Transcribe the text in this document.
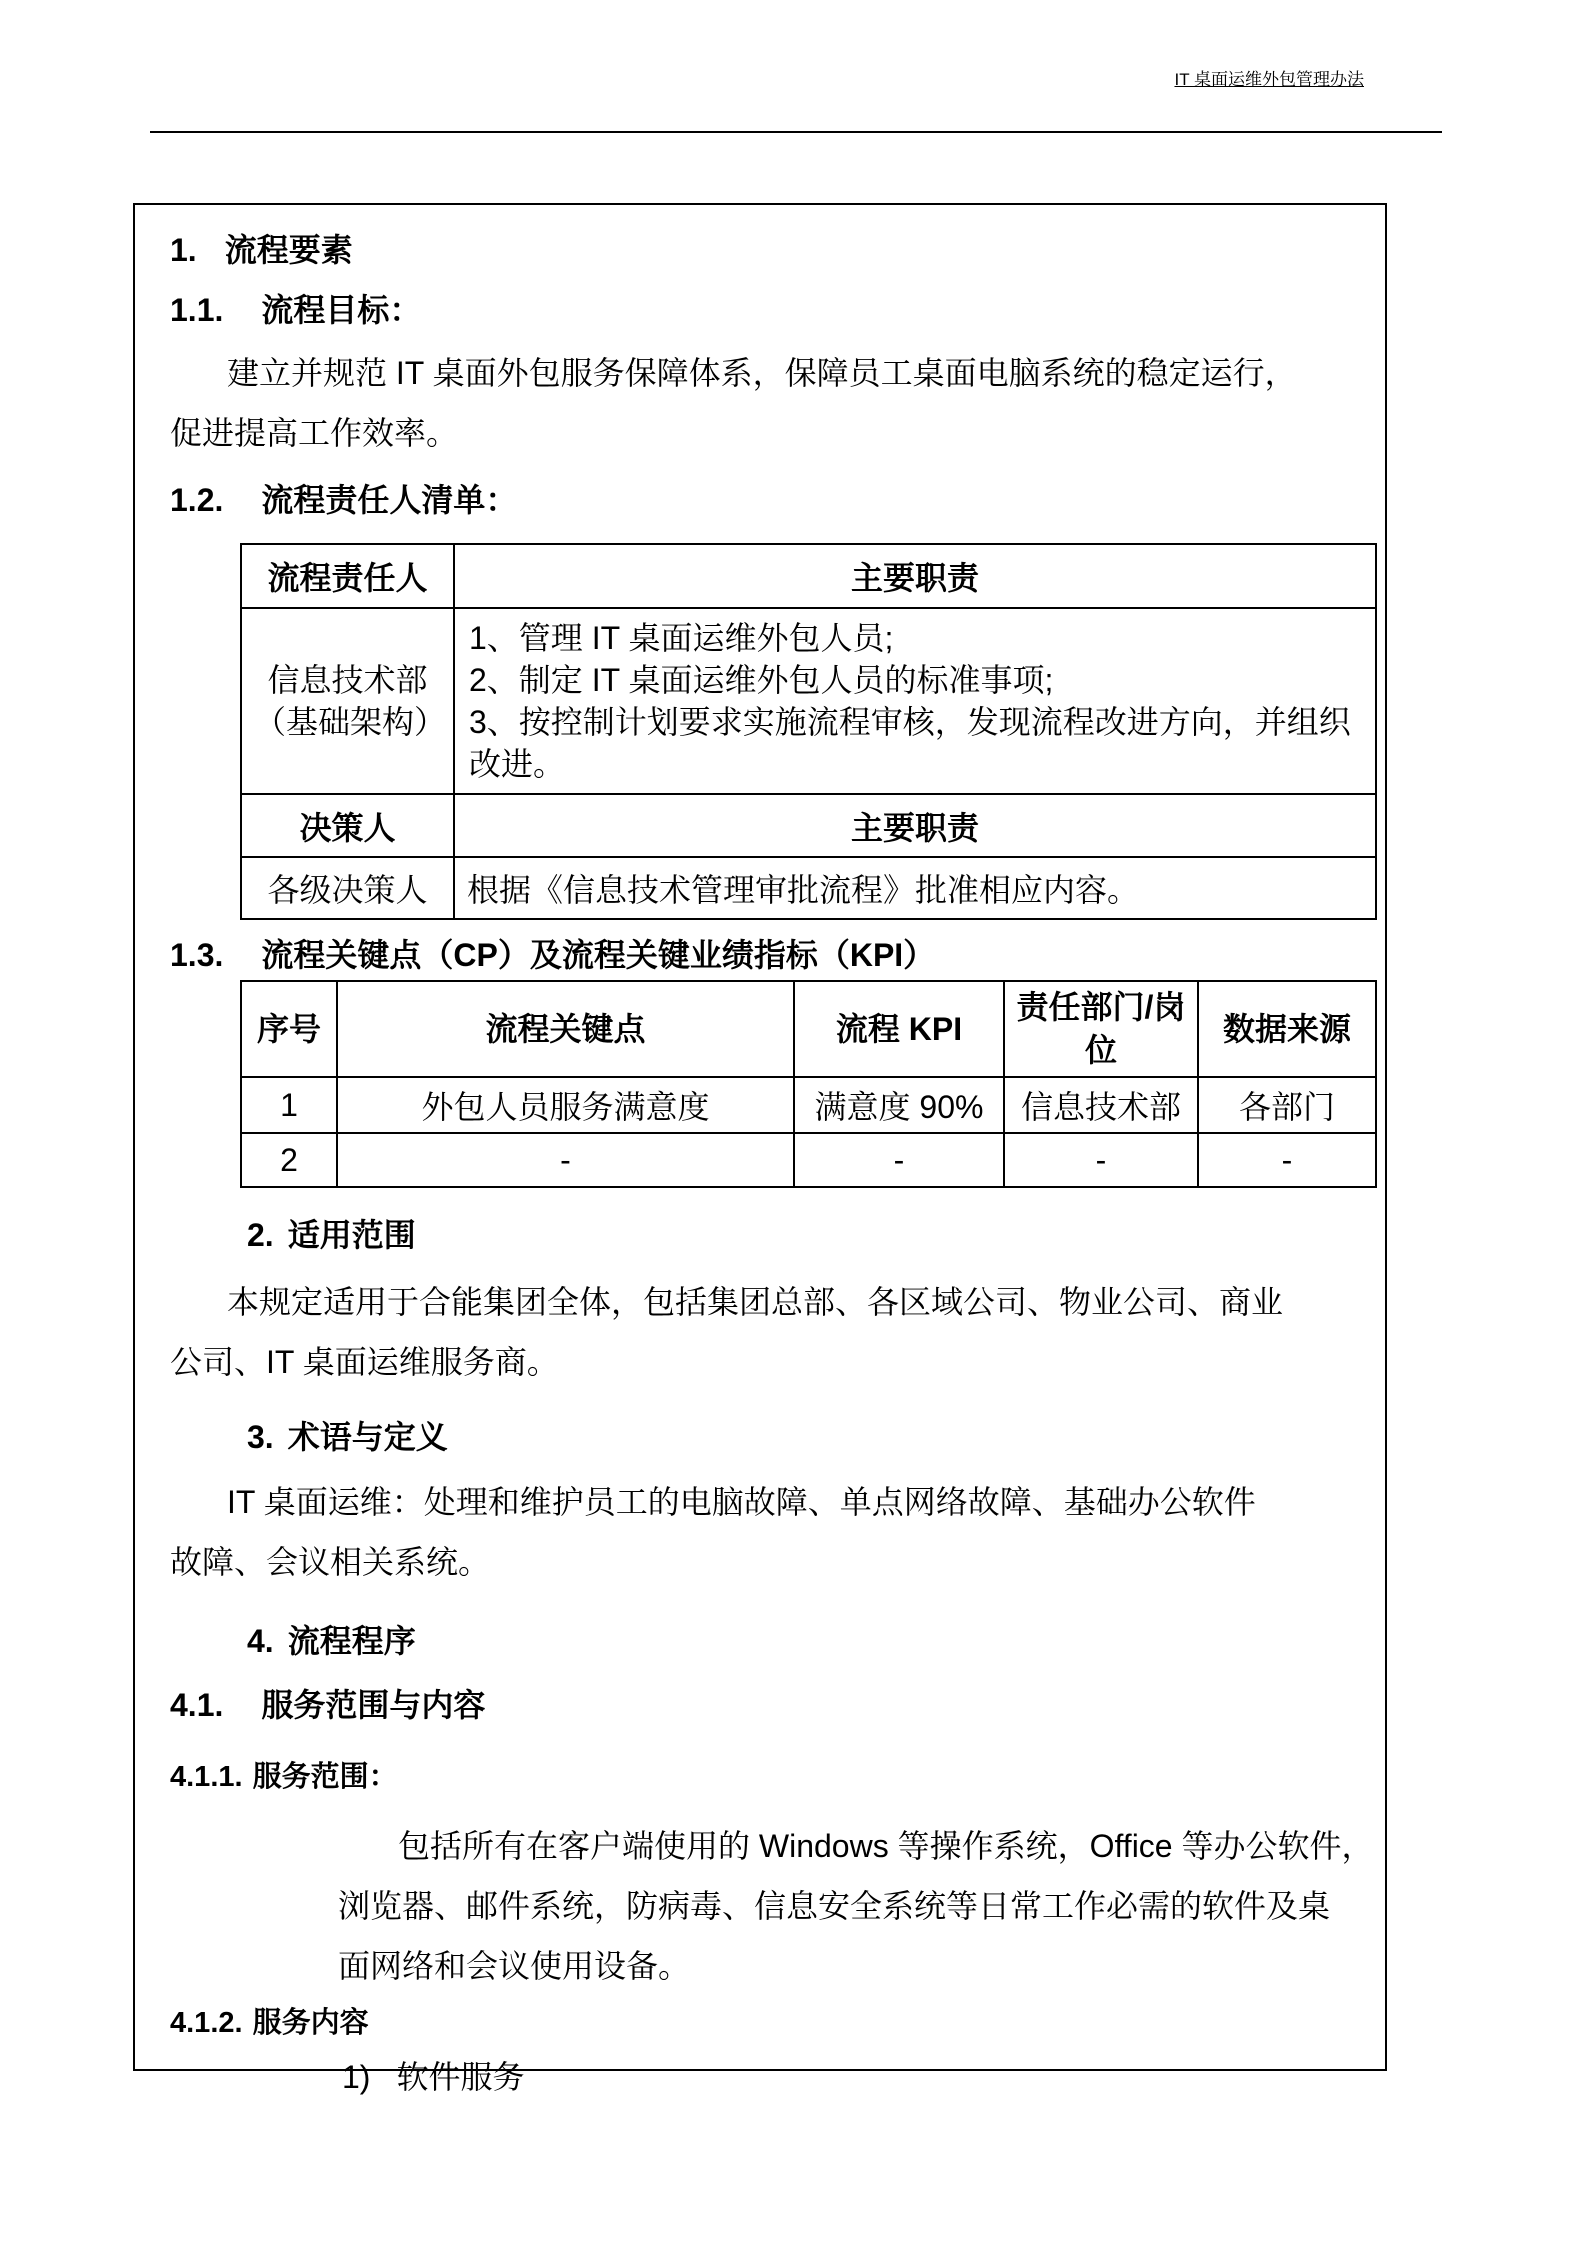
IT 桌面运维外包管理办法
1. 流程要素
1.1. 流程目标：
建立并规范 IT 桌面外包服务保障体系，保障员工桌面电脑系统的稳定运行，
促进提高工作效率。
1.2. 流程责任人清单：
流程责任人	主要职责
信息技术部（基础架构）	1、管理 IT 桌面运维外包人员;
2、制定 IT 桌面运维外包人员的标准事项;
3、按控制计划要求实施流程审核，发现流程改进方向，并组织改进。

决策人	主要职责
各级决策人	根据《信息技术管理审批流程》批准相应内容。
1.3. 流程关键点（CP）及流程关键业绩指标（KPI）
序号	流程关键点	流程 KPI	责任部门/岗位	数据来源
1	外包人员服务满意度	满意度 90%	信息技术部	各部门
2	-	-	-	-
2. 适用范围
本规定适用于合能集团全体，包括集团总部、各区域公司、物业公司、商业
公司、IT 桌面运维服务商。
3. 术语与定义
IT 桌面运维：处理和维护员工的电脑故障、单点网络故障、基础办公软件
故障、会议相关系统。
4. 流程程序
4.1. 服务范围与内容
4.1.1. 服务范围：
包括所有在客户端使用的 Windows 等操作系统，Office 等办公软件，
浏览器、邮件系统，防病毒、信息安全系统等日常工作必需的软件及桌
面网络和会议使用设备。
4.1.2. 服务内容
1) 软件服务
